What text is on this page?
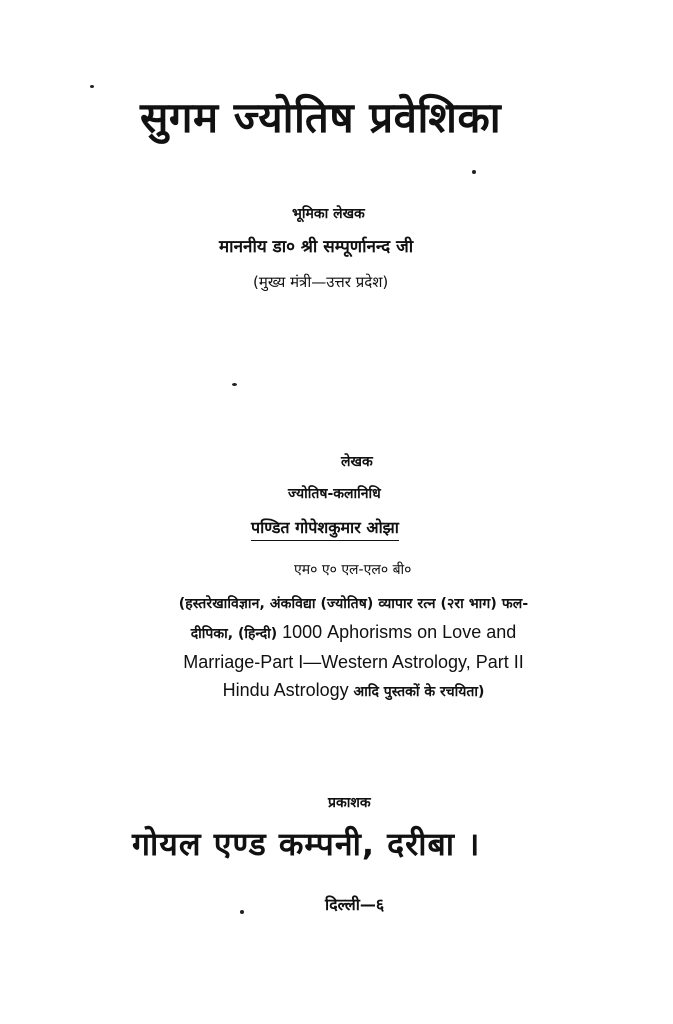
सुगम ज्योतिष प्रवेशिका
भूमिका लेखक
माननीय डा० श्री सम्पूर्णानन्द जी
(मुख्य मंत्री—उत्तर प्रदेश)
लेखक
ज्योतिष-कलानिधि
पण्डित गोपेशकुमार ओझा
एम० ए० एल-एल० बी०
(हस्तरेखाविज्ञान, अंकविद्या (ज्योतिष) व्यापार रत्न (२रा भाग) फल-
दीपिका, (हिन्दी) 1000 Aphorisms on Love and
Marriage-Part I—Western Astrology, Part II
Hindu Astrology आदि पुस्तकों के रचयिता)
प्रकाशक
गोयल एण्ड कम्पनी, दरीबा ।
दिल्ली—६
